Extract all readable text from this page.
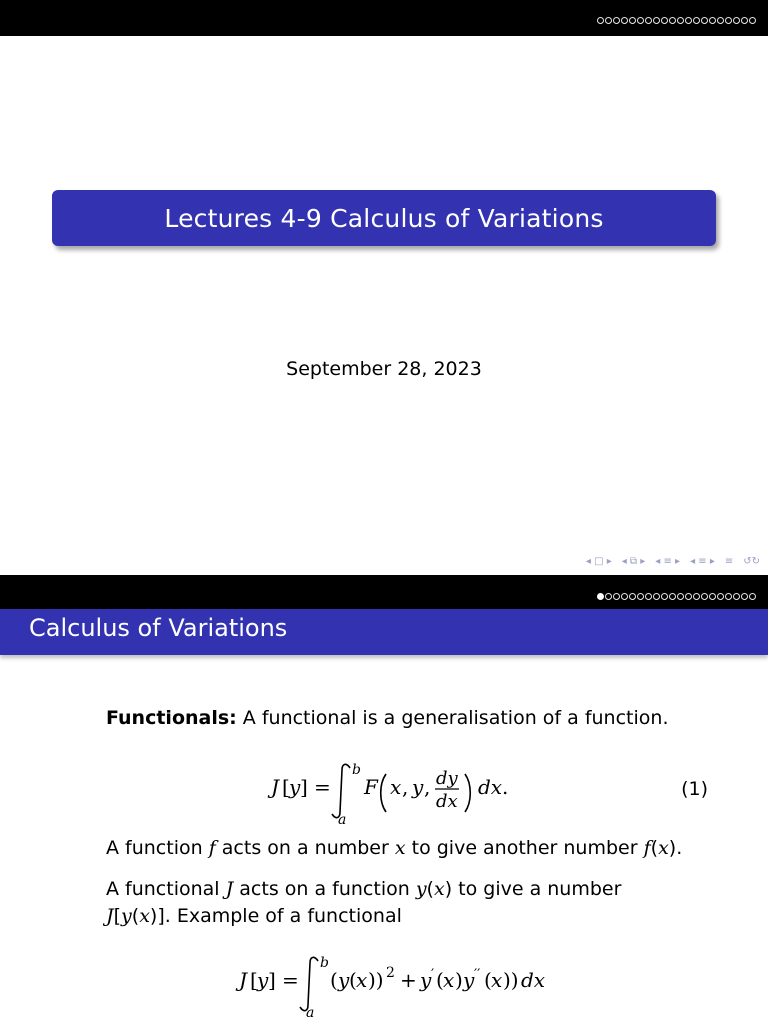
Lectures 4-9 Calculus of Variations
September 28, 2023
◂ □ ▸ ◂ ⧉ ▸ ◂ ≡ ▸ ◂ ≡ ▸ ≡ ↺↻
Calculus of Variations

Functionals: A functional is a generalisation of a function.

J [ y ] =
b
a
F x , y , dy
dx
dx .	(1)

A function f acts on a number x to give another number f(x).

A functional J acts on a function y(x) to give a number
J[y(x)]. Example of a functional

J [ y ] =
b
a
( y ( x )) 2 + y ′ ( x ) y ′′ ( x )) dx
